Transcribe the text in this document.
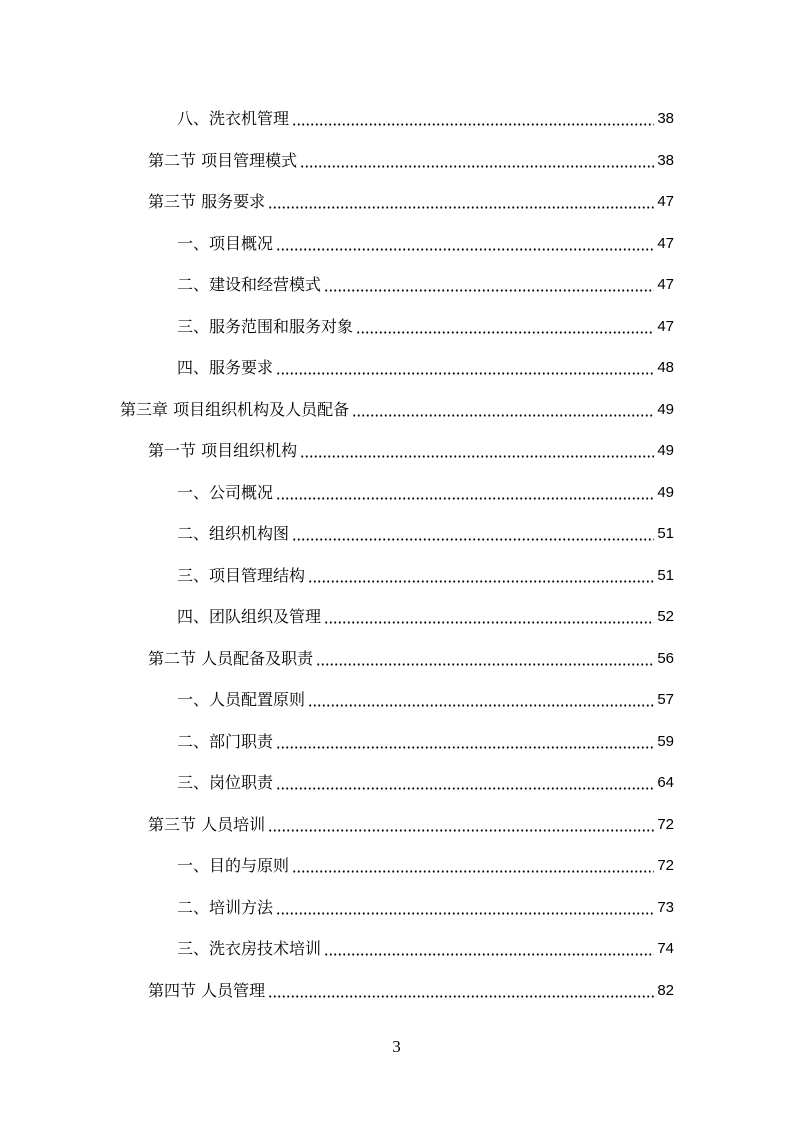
八、洗衣机管理	38
第二节 项目管理模式	38
第三节 服务要求	47
一、项目概况	47
二、建设和经营模式	47
三、服务范围和服务对象	47
四、服务要求	48
第三章 项目组织机构及人员配备	49
第一节 项目组织机构	49
一、公司概况	49
二、组织机构图	51
三、项目管理结构	51
四、团队组织及管理	52
第二节 人员配备及职责	56
一、人员配置原则	57
二、部门职责	59
三、岗位职责	64
第三节 人员培训	72
一、目的与原则	72
二、培训方法	73
三、洗衣房技术培训	74
第四节 人员管理	82
3
